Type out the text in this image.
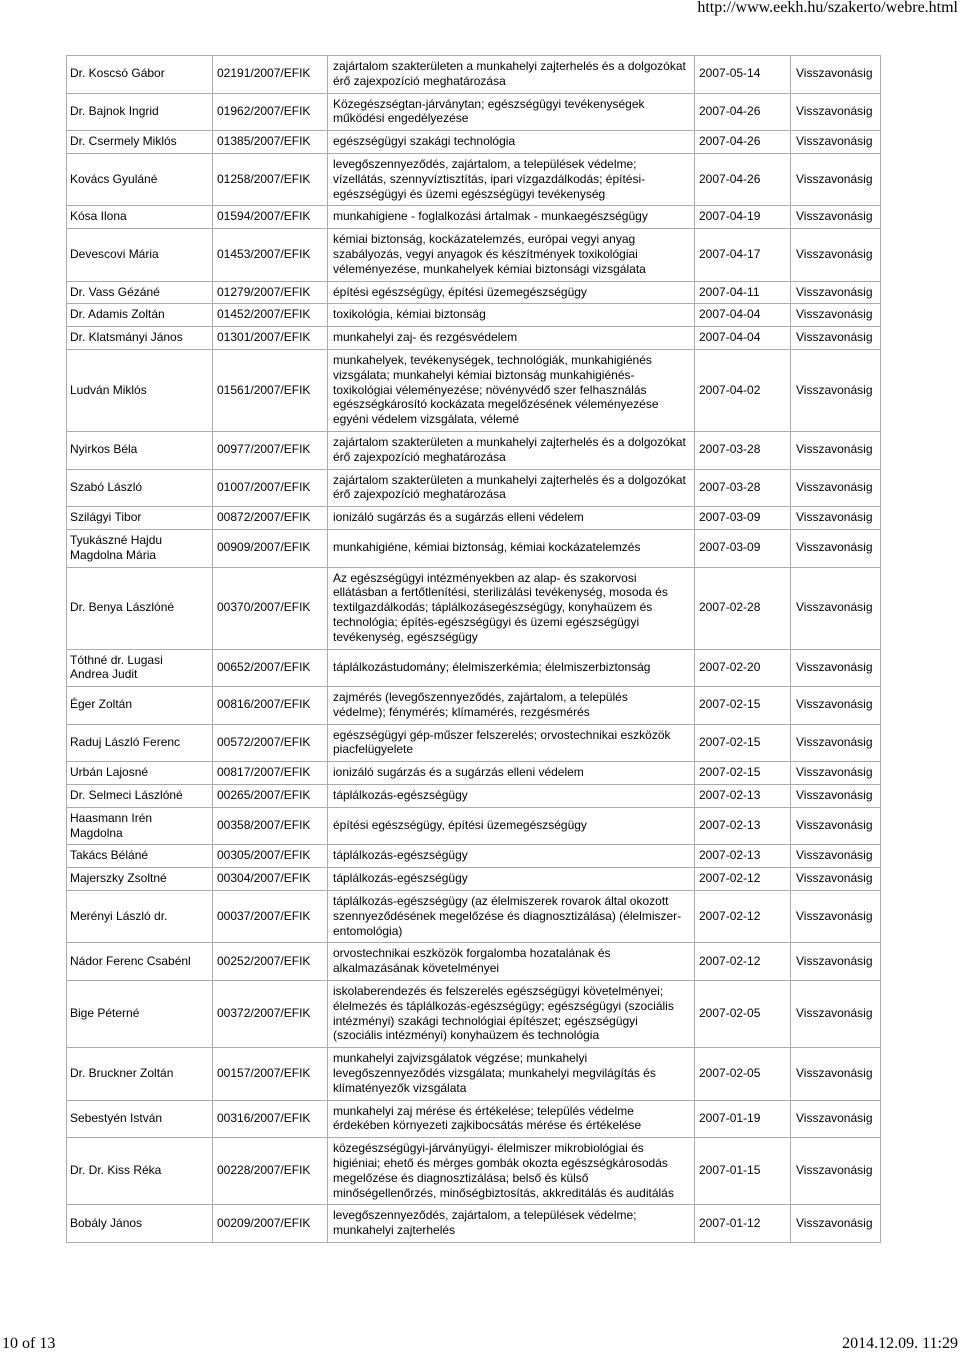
http://www.eekh.hu/szakerto/webre.html
Dr. Koscsó Gábor	02191/2007/EFIK	zajártalom szakterületen a munkahelyi zajterhelés és a dolgozókat
érő zajexpozíció meghatározása	2007-05-14	Visszavonásig
Dr. Bajnok Ingrid	01962/2007/EFIK	Közegészségtan-járványtan; egészségügyi tevékenységek
működési engedélyezése	2007-04-26	Visszavonásig
Dr. Csermely Miklós	01385/2007/EFIK	egészségügyi szakági technológia	2007-04-26	Visszavonásig
Kovács Gyuláné	01258/2007/EFIK	levegőszennyeződés, zajártalom, a települések védelme;
vízellátás, szennyvíztisztítás, ipari vízgazdálkodás; építési-
egészségügyi és üzemi egészségügyi tevékenység	2007-04-26	Visszavonásig
Kósa Ilona	01594/2007/EFIK	munkahigiene - foglalkozási ártalmak - munkaegészségügy	2007-04-19	Visszavonásig
Devescovi Mária	01453/2007/EFIK	kémiai biztonság, kockázatelemzés, európai vegyi anyag
szabályozás, vegyi anyagok és készítmények toxikológiai
véleményezése, munkahelyek kémiai biztonsági vizsgálata	2007-04-17	Visszavonásig
Dr. Vass Gézáné	01279/2007/EFIK	építési egészségügy, építési üzemegészségügy	2007-04-11	Visszavonásig
Dr. Adamis Zoltán	01452/2007/EFIK	toxikológia, kémiai biztonság	2007-04-04	Visszavonásig
Dr. Klatsmányi János	01301/2007/EFIK	munkahelyi zaj- és rezgésvédelem	2007-04-04	Visszavonásig
Ludván Miklós	01561/2007/EFIK	munkahelyek, tevékenységek, technológiák, munkahigiénés
vizsgálata; munkahelyi kémiai biztonság munkahigiénés-
toxikológiai véleményezése; növényvédő szer felhasználás
egészségkárosító kockázata megelőzésének véleményezése
egyéni védelem vizsgálata, vélemé	2007-04-02	Visszavonásig
Nyirkos Béla	00977/2007/EFIK	zajártalom szakterületen a munkahelyi zajterhelés és a dolgozókat
érő zajexpozíció meghatározása	2007-03-28	Visszavonásig
Szabó László	01007/2007/EFIK	zajártalom szakterületen a munkahelyi zajterhelés és a dolgozókat
érő zajexpozíció meghatározása	2007-03-28	Visszavonásig
Szilágyi Tibor	00872/2007/EFIK	ionizáló sugárzás és a sugárzás elleni védelem	2007-03-09	Visszavonásig
Tyukászné Hajdu
Magdolna Mária	00909/2007/EFIK	munkahigiéne, kémiai biztonság, kémiai kockázatelemzés	2007-03-09	Visszavonásig
Dr. Benya Lászlóné	00370/2007/EFIK	Az egészségügyi intézményekben az alap- és szakorvosi
ellátásban a fertőtlenítési, sterilizálási tevékenység, mosoda és
textilgazdálkodás; táplálkozásegészségügy, konyhaüzem és
technológia; építés-egészségügyi és üzemi egészségügyi
tevékenység, egészségügy	2007-02-28	Visszavonásig
Tóthné dr. Lugasi
Andrea Judit	00652/2007/EFIK	táplálkozástudomány; élelmiszerkémia; élelmiszerbiztonság	2007-02-20	Visszavonásig
Éger Zoltán	00816/2007/EFIK	zajmérés (levegőszennyeződés, zajártalom, a település
védelme); fénymérés; klímamérés, rezgésmérés	2007-02-15	Visszavonásig
Raduj László Ferenc	00572/2007/EFIK	egészségügyi gép-műszer felszerelés; orvostechnikai eszközök
piacfelügyelete	2007-02-15	Visszavonásig
Urbán Lajosné	00817/2007/EFIK	ionizáló sugárzás és a sugárzás elleni védelem	2007-02-15	Visszavonásig
Dr. Selmeci Lászlóné	00265/2007/EFIK	táplálkozás-egészségügy	2007-02-13	Visszavonásig
Haasmann Irén
Magdolna	00358/2007/EFIK	építési egészségügy, építési üzemegészségügy	2007-02-13	Visszavonásig
Takács Béláné	00305/2007/EFIK	táplálkozás-egészségügy	2007-02-13	Visszavonásig
Majerszky Zsoltné	00304/2007/EFIK	táplálkozás-egészségügy	2007-02-12	Visszavonásig
Merényi László dr.	00037/2007/EFIK	táplálkozás-egészségügy (az élelmiszerek rovarok által okozott
szennyeződésének megelőzése és diagnosztizálása) (élelmiszer-
entomológia)	2007-02-12	Visszavonásig
Nádor Ferenc Csabénl	00252/2007/EFIK	orvostechnikai eszközök forgalomba hozatalának és
alkalmazásának követelményei	2007-02-12	Visszavonásig
Bige Péterné	00372/2007/EFIK	iskolaberendezés és felszerelés egészségügyi követelményei;
élelmezés és táplálkozás-egészségügy; egészségügyi (szociális
intézményi) szakági technológiai építészet; egészségügyi
(szociális intézményi) konyhaüzem és technológia	2007-02-05	Visszavonásig
Dr. Bruckner Zoltán	00157/2007/EFIK	munkahelyi zajvizsgálatok végzése; munkahelyi
levegőszennyeződés vizsgálata; munkahelyi megvilágítás és
klímatényezők vizsgálata	2007-02-05	Visszavonásig
Sebestyén István	00316/2007/EFIK	munkahelyi zaj mérése és értékelése; település védelme
érdekében környezeti zajkibocsátás mérése és értékelése	2007-01-19	Visszavonásig
Dr. Dr. Kiss Réka	00228/2007/EFIK	közegészségügyi-járványügyi- élelmiszer mikrobiológiai és
higiéniai; ehető és mérges gombák okozta egészségkárosodás
megelőzése és diagnosztizálása; belső és külső
minőségellenőrzés, minőségbiztosítás, akkreditálás és auditálás	2007-01-15	Visszavonásig
Bobály János	00209/2007/EFIK	levegőszennyeződés, zajártalom, a települések védelme;
munkahelyi zajterhelés	2007-01-12	Visszavonásig
10 of 13	2014.12.09. 11:29
